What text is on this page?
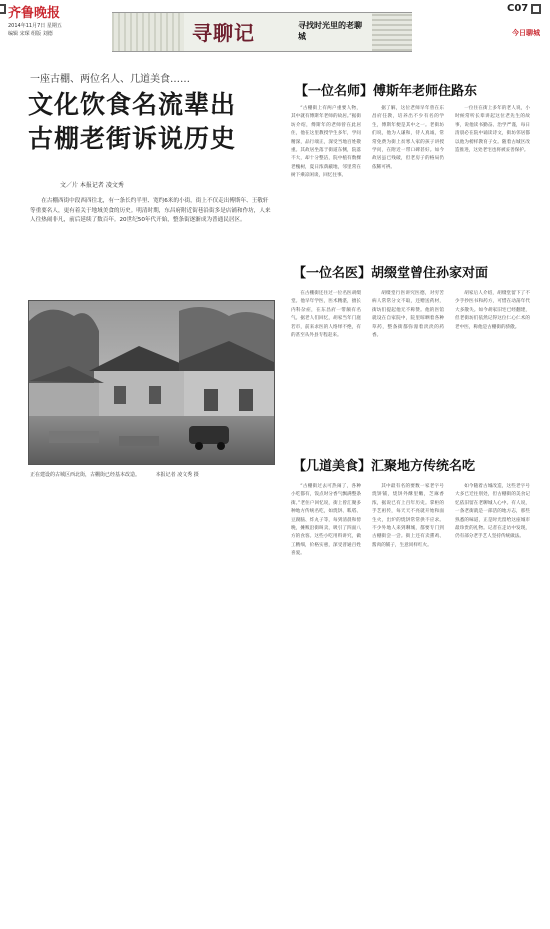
齐鲁晚报
2014年11月7日 星期五
编辑 宋琛 组版 刘德	寻聊记	寻找时光里的老聊城
C07
今日聊城
一座古棚、两位名人、几道美食……
文化饮食名流辈出
古棚老街诉说历史
文／片 本报记者 凌文秀
在古棚西街中段西四往北，有一条长约半里、宽约6米的小街，街上不仅走出傅斯年、王敬轩等重要名人，更有着关于地域美食的历史。明清时期，东昌府附近街巷沿街多是店铺和作坊，人来人往热闹非凡，前后延续了数百年。20世纪50年代开始，整条街逐渐成为普通民居区。
正在建设的古城区西北街，古棚街已经基本改造。	本报记者 凌文秀 摄
【一位名师】傅斯年老师住路东
“古棚街上有两户重要人物，其中就有傅斯年老师的故居。”据街坊介绍，傅斯年的老师曾在此居住，他在这里教授学生多年，学问精深，品行端正，深受当地百姓敬重。其故居坐落于街道东侧，院落不大，却十分整洁，院中植有数棵老槐树，夏日浓荫蔽地，邻里常在树下乘凉闲谈，回忆往事。
据了解，这位老师早年曾在东昌府任教，培养出不少有名的学生，傅斯年便是其中之一。老街坊们说，他为人谦和，待人真诚，常常免费为街上贫寒人家的孩子讲授学问，在附近一带口碑甚好。如今故居虽已残破，但老房子的格局仍依稀可辨。
一位住在街上多年的老人说，小时候常听长辈讲起这位老先生的故事，说他读书勤奋、治学严谨，每日清晨必在院中诵读诗文，街坊邻居都以他为榜样教育子女。随着古城区改造推进，这处老宅也将被妥善保护。
【一位名医】胡缀堂曾住孙家对面
在古棚街还住过一位名医胡缀堂。他早年学医，医术精湛，擅长内科杂症，在东昌府一带颇有名气。据老人们回忆，胡家当年门庭若市，前来求医的人络绎不绝，有的甚至从外县专程赶来。
胡缀堂行医讲究医德，对穷苦病人常常分文不取，还赠送药材，街坊们提起他无不称赞。他的医馆就设在自家院中，院里晾晒着各种草药，整条街都弥漫着淡淡的药香。
胡家后人介绍，胡缀堂留下了不少手抄医书和药方，可惜在动荡年代大多散失。如今胡家旧宅已经翻建，但老街坊们依然记得这位仁心仁术的老中医，称他是古棚街的骄傲。
【几道美食】汇聚地方传统名吃
“古棚街过去可热闹了，各种小吃都有，饭点时分香气飘满整条街。”老住户回忆说，街上曾汇聚多种地方传统名吃，如烧饼、呱嗒、豆腐脑、炸丸子等，每到清晨和傍晚，摊贩沿街叫卖，吸引了四面八方的食客。这些小吃用料讲究，做工精细，价格实惠，深受普通百姓喜爱。
其中最有名的要数一家老字号烧饼铺，烧饼外酥里嫩，芝麻香浓，据说已有上百年历史。掌柜的手艺祖传，每天天不亮就开始和面生火，出炉的烧饼常常供不应求。不少外地人来到聊城，都要专门到古棚街尝一尝。街上还有卖熏鸡、酱肉的铺子，生意同样红火。
如今随着古城改造，这些老字号大多已迁往别处，但古棚街的美食记忆依旧留在老聊城人心中。有人说，一条老街就是一部活的地方志，那些熟悉的味道，正是时光留给这座城市最珍贵的礼物。记者在走访中发现，仍有部分老手艺人坚持传统做法。
